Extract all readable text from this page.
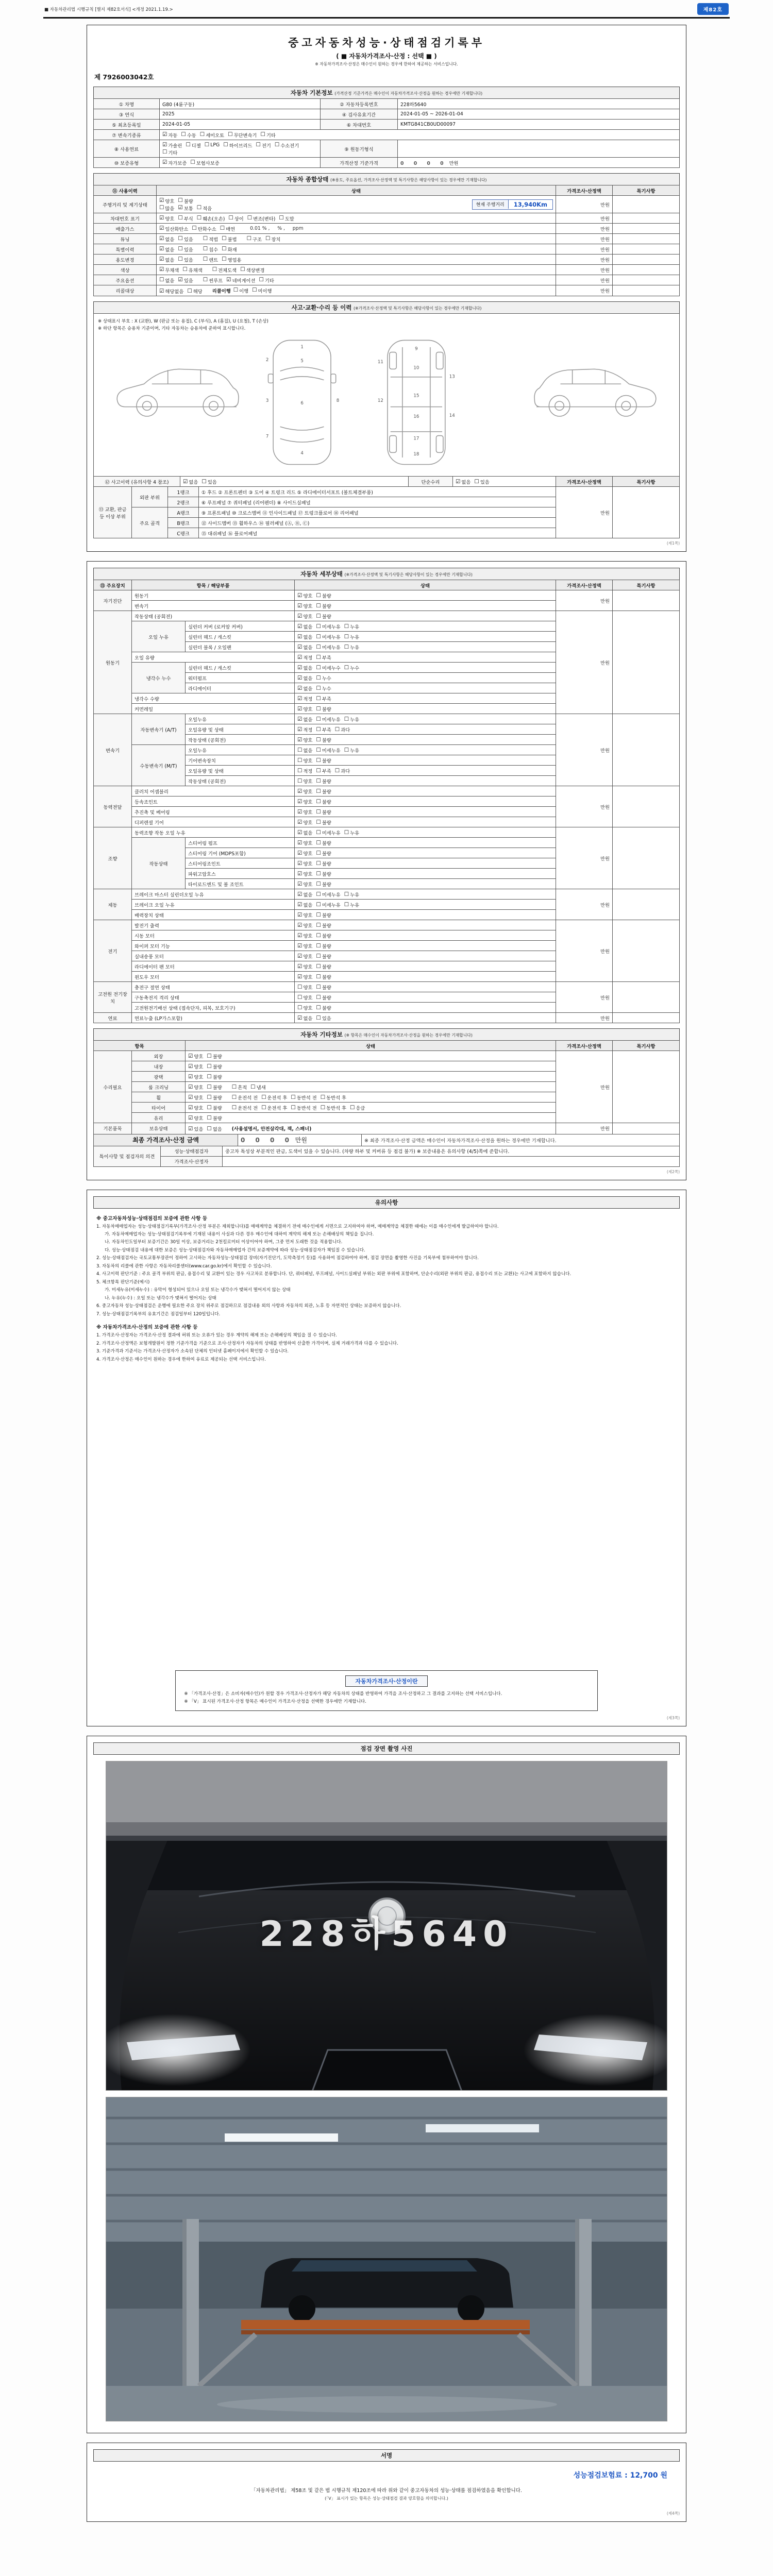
■ 자동차관리법 시행규칙 [별지 제82호서식] <개정 2021.1.19.>	제82호
중고자동차성능·상태점검기록부
( ■ 자동차가격조사·산정 : 선택 ■ )
※ 자동차가격조사·산정은 매수인이 원하는 경우에 한하여 제공하는 서비스입니다.
제 7926003042호
자동차 기본정보 (가격산정 기준가격은 매수인이 자동차가격조사·산정을 원하는 경우에만 기재합니다)
① 차명	G80 (4륜구동)	② 자동차등록번호	228하5640
③ 연식	2025	④ 검사유효기간	2024-01-05 ~ 2026-01-04
⑤ 최초등록일	2024-01-05	⑥ 차대번호	KMTG841CB0UD00097
⑦ 변속기종류	☑ 자동 ☐ 수동 ☐ 세미오토 ☐ 무단변속기 ☐ 기타

⑧ 사용연료	
☑ 가솔린 ☐ 디젤 ☐ LPG ☐ 하이브리드 ☐ 전기 ☐ 수소전기
☐ 기타
	⑨ 원동기형식	
⑩ 보증유형	☑ 자가보증 ☐ 보험사보증	가격산정 기준가격	0 0 0 0 만원
자동차 종합상태 (※용도, 주요옵션, 가격조사·산정액 및 특기사항은 해당사항이 있는 경우에만 기재합니다)
⑪ 사용이력	상태	가격조사·산정액	특기사항
주행거리 및 계기상태	
☑ 양호 ☐ 불량
☐ 많음 ☑ 보통 ☐ 적음
현재 주행거리	13,940Km	만원	
차대번호 표기	☑ 양호 ☐ 부식 ☐ 훼손(오손) ☐ 상이 ☐ 변조(변타) ☐ 도말	만원	
배출가스	☑ 일산화탄소 ☐ 탄화수소 ☐ 매연	0.01 % ,     % ,     ppm	만원	
튜닝	☑ 없음 ☐ 있음 ☐ 적법 ☐ 불법 ☐ 구조 ☐ 장치	만원	
특별이력	☑ 없음 ☐ 있음 ☐ 침수 ☐ 화재	만원	
용도변경	☑ 없음 ☐ 있음 ☐ 렌트 ☐ 영업용	만원	
색상	☑ 무채색 ☐ 유채색 ☐ 전체도색 ☐ 색상변경	만원	
주요옵션	☐ 없음 ☑ 있음 ☐ 썬루프 ☑ 네비게이션 ☐ 기타	만원	
리콜대상	☑ 해당없음 ☐ 해당 리콜이행 ☐ 이행 ☐ 미이행	만원	
사고·교환·수리 등 이력 (※가격조사·산정액 및 특기사항은 해당사항이 있는 경우에만 기재합니다)
※ 상태표시 부호 : X (교환), W (판금 또는 용접), C (부식), A (흠집), U (요철), T (손상)
※ 하단 항목은 승용차 기준이며, 기타 자동차는 승용차에 준하여 표시합니다.
1
2
3
4
5
6
7
8
9
10
11
12
13
14
15
16
17
18
⑫ 사고이력 (유의사항 4 참조)	☑ 없음 ☐ 있음	단순수리	☑ 없음 ☐ 있음	가격조사·산정액	특기사항
⑬ 교환, 판금 등 이상 부위	외판 부위	1랭크	① 후드 ② 프론트펜더 ③ 도어 ④ 트렁크 리드 ⑤ 라디에이터서포트 (볼트체결부품)	만원	
		2랭크	⑥ 루프패널 ⑦ 쿼터패널 (리어펜더) ⑧ 사이드실패널		
	주요 골격	A랭크	⑨ 프론트패널 ⑩ 크로스멤버 ⑪ 인사이드패널 ⑰ 트렁크플로어 ⑱ 리어패널		
		B랭크	⑫ 사이드멤버 ⑬ 휠하우스 ⑭ 필러패널 (Ⓐ, Ⓑ, Ⓒ)		
		C랭크	⑮ 대쉬패널 ⑯ 플로어패널		
(제1쪽)
자동차 세부상태 (※가격조사·산정액 및 특기사항은 해당사항이 있는 경우에만 기재합니다)
⑮ 주요장치	항목 / 해당부품		상태	가격조사·산정액	특기사항
자기진단	원동기		☑ 양호 ☐ 불량	만원	
	변속기		☑ 양호 ☐ 불량		

원동기	작동상태 (공회전)		☑ 양호 ☐ 불량	만원	
오일 누유	실린더 커버 (로커암 커버)	☑ 없음 ☐ 미세누유 ☐ 누유

실린더 헤드 / 개스킷	☑ 없음 ☐ 미세누유 ☐ 누유

실린더 블록 / 오일팬	☑ 없음 ☐ 미세누유 ☐ 누유

	오일 유량		☑ 적정 ☐ 부족		

냉각수 누수	실린더 헤드 / 개스킷	☑ 없음 ☐ 미세누수 ☐ 누수

		워터펌프	☑ 없음 ☐ 누수		

		라디에이터	☑ 없음 ☐ 누수		

	냉각수 수량		☑ 적정 ☐ 부족		

	커먼레일		☑ 양호 ☐ 불량		

변속기	자동변속기 (A/T)	오일누유	☑ 없음 ☐ 미세누유 ☐ 누유
	만원	
오일유량 및 상태	☑ 적정 ☐ 부족 ☐ 과다

		작동상태 (공회전)	☑ 양호 ☐ 불량		

수동변속기 (M/T)	오일누유	☐ 없음 ☐ 미세누유 ☐ 누유

		기어변속장치	☐ 양호 ☐ 불량		

오일유량 및 상태	☐ 적정 ☐ 부족 ☐ 과다

		작동상태 (공회전)	☐ 양호 ☐ 불량		

동력전달	클러치 어셈블리		☑ 양호 ☐ 불량	만원	
	등속조인트		☑ 양호 ☐ 불량		

	추진축 및 베어링		☑ 양호 ☐ 불량		

	디퍼렌셜 기어		☑ 양호 ☐ 불량		

조향	동력조향 작동 오일 누유	☑ 없음 ☐ 미세누유 ☐ 누유
	만원	
	작동상태	스티어링 펌프	☑ 양호 ☐ 불량		

		스티어링 기어 (MDPS포함)	☑ 양호 ☐ 불량		

		스티어링조인트	☑ 양호 ☐ 불량		

		파워고압호스	☑ 양호 ☐ 불량		

		타이로드엔드 및 볼 조인트	☑ 양호 ☐ 불량		

제동	브레이크 마스터 실린더오일 누유	☑ 없음 ☐ 미세누유 ☐ 누유
	만원	
브레이크 오일 누유	☑ 없음 ☐ 미세누유 ☐ 누유

	배력장치 상태		☑ 양호 ☐ 불량		

전기	발전기 출력		☑ 양호 ☐ 불량	만원	
	시동 모터		☑ 양호 ☐ 불량		

	와이퍼 모터 기능		☑ 양호 ☐ 불량		

	실내송풍 모터		☑ 양호 ☐ 불량		

	라디에이터 팬 모터		☑ 양호 ☐ 불량		

	윈도우 모터		☑ 양호 ☐ 불량		

고전원 전기장치	충전구 절연 상태		☐ 양호 ☐ 불량	만원	
	구동축전지 격리 상태		☐ 양호 ☐ 불량		

	고전원전기배선 상태 (접속단자, 피복, 보호기구)		☐ 양호 ☐ 불량		

연료	연료누출 (LP가스포함)		☑ 없음 ☐ 있음	만원	
자동차 기타정보 (※ 항목은 매수인이 자동차가격조사·산정을 원하는 경우에만 기재합니다)
항목		상태	가격조사·산정액	특기사항
수리필요	외장	☑ 양호 ☐ 불량	만원	
	내장	☑ 양호 ☐ 불량		

	광택	☑ 양호 ☐ 불량		

룸 크리닝	☑ 양호 ☐ 불량 ☐ 흔적 ☐ 냄새

휠	☑ 양호 ☐ 불량 ☐ 운전석 전 ☐ 운전석 후 ☐ 동반석 전 ☐ 동반석 후

타이어	☑ 양호 ☐ 불량 ☐ 운전석 전 ☐ 운전석 후 ☐ 동반석 전 ☐ 동반석 후 ☐ 응급

	유리	☑ 양호 ☐ 불량		

기본품목	보유상태	☑ 있음 ☐ 없음 (사용설명서, 안전삼각대, 잭, 스패너)	만원	
최종 가격조사·산정 금액	0 0 0 0 만원	※ 최종 가격조사·산정 금액은 매수인이 자동차가격조사·산정을 원하는 경우에만 기재합니다.
특이사항 및 점검자의 의견	성능·상태점검자	중고차 특성상 부분적인 판금, 도색이 있을 수 있습니다. (차량 하부 및 커버류 등 점검 불가) ※ 보증내용은 유의사항 (4/5)쪽에 준합니다.
	가격조사·산정자	
(제2쪽)
유의사항
※ 중고자동차성능·상태점검의 보증에 관한 사항 등

1. 자동차매매업자는 성능·상태점검기록부(가격조사·산정 부분은 제외합니다)를 매매계약을 체결하기 전에 매수인에게 서면으로 고지하여야 하며, 매매계약을 체결한 때에는 이를 매수인에게 발급하여야 합니다.

가. 자동차매매업자는 성능·상태점검기록부에 기재된 내용이 사실과 다른 경우 매수인에 대하여 계약의 해제 또는 손해배상의 책임을 집니다.

나. 자동차인도일부터 보증기간은 30일 이상, 보증거리는 2천킬로미터 이상이어야 하며, 그중 먼저 도래한 것을 적용합니다.

다. 성능·상태점검 내용에 대한 보증은 성능·상태점검자와 자동차매매업자 간의 보증계약에 따라 성능·상태점검자가 책임질 수 있습니다.

2. 성능·상태점검자는 국토교통부장관이 정하여 고시하는 자동차성능·상태점검 장비(자기진단기, 도막측정기 등)를 사용하여 점검하여야 하며, 점검 장면을 촬영한 사진을 기록부에 첨부하여야 합니다.

3. 자동차의 리콜에 관한 사항은 자동차리콜센터(www.car.go.kr)에서 확인할 수 있습니다.

4. 사고이력 판단기준 : 주요 골격 부위의 판금, 용접수리 및 교환이 있는 경우 사고차로 분류합니다. 단, 쿼터패널, 루프패널, 사이드실패널 부위는 외판 부위에 포함하며, 단순수리(외판 부위의 판금, 용접수리 또는 교환)는 사고에 포함하지 않습니다.

5. 체크항목 판단기준(예시)

가. 미세누유(미세누수) : 유막이 형성되어 있으나 오일 또는 냉각수가 맺혀서 떨어지지 않는 상태

나. 누유(누수) : 오일 또는 냉각수가 맺혀서 떨어지는 상태

6. 중고자동차 성능·상태점검은 운행에 필요한 주요 장치 위주로 점검하므로 점검내용 외의 사항과 자동차의 외관, 노후 등 자연적인 상태는 보증하지 않습니다.

7. 성능·상태점검기록부의 유효기간은 점검일부터 120일입니다.

※ 자동차가격조사·산정의 보증에 관한 사항 등

1. 가격조사·산정자는 가격조사·산정 결과에 허위 또는 오류가 있는 경우 계약의 해제 또는 손해배상의 책임을 질 수 있습니다.

2. 가격조사·산정액은 보험개발원이 정한 기준가격을 기준으로 조사·산정자가 자동차의 상태를 반영하여 산출한 가격이며, 실제 거래가격과 다를 수 있습니다.

3. 기준가격과 기준서는 가격조사·산정자가 소속된 단체의 인터넷 홈페이지에서 확인할 수 있습니다.

4. 가격조사·산정은 매수인이 원하는 경우에 한하여 유료로 제공되는 선택 서비스입니다.

자동차가격조사·산정이란

※ 「가격조사·산정」은 소비자(매수인)가 원할 경우 가격조사·산정자가 해당 자동차의 상태를 반영하여 가격을 조사·산정하고 그 결과를 고지하는 선택 서비스입니다.

※ 「V」 표시된 가격조사·산정 항목은 매수인이 가격조사·산정을 선택한 경우에만 기재합니다.

(제3쪽)
점검 장면 촬영 사진
228하5640
서명
성능점검보험료 : 12,700 원

「자동차관리법」 제58조 및 같은 법 시행규칙 제120조에 따라 위와 같이 중고자동차의 성능·상태를 점검하였음을 확인합니다.

(「V」 표시가 있는 항목은 성능·상태점검 결과 양호함을 의미합니다.)

(제4쪽)
